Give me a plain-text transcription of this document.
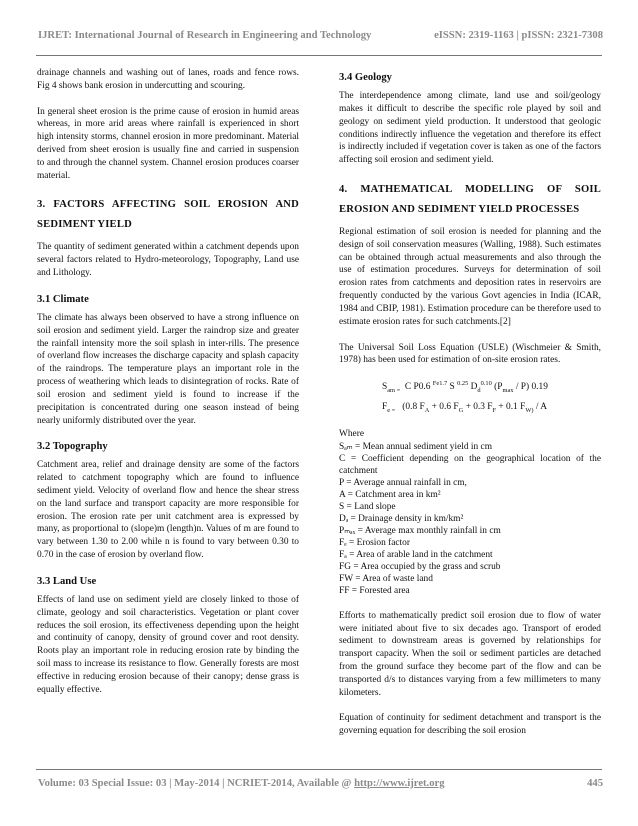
IJRET: International Journal of Research in Engineering and Technology	eISSN: 2319-1163 | pISSN: 2321-7308

drainage channels and washing out of lanes, roads and fence rows. Fig 4 shows bank erosion in undercutting and scouring.

In general sheet erosion is the prime cause of erosion in humid areas whereas, in more arid areas where rainfall is experienced in short high intensity storms, channel erosion in more predominant. Material derived from sheet erosion is usually fine and carried in suspension to and through the channel system. Channel erosion produces coarser material.

3. FACTORS AFFECTING SOIL EROSION AND SEDIMENT YIELD

The quantity of sediment generated within a catchment depends upon several factors related to Hydro-meteorology, Topography, Land use and Lithology.

3.1 Climate

The climate has always been observed to have a strong influence on soil erosion and sediment yield. Larger the raindrop size and greater the rainfall intensity more the soil splash in inter-rills. The presence of overland flow increases the discharge capacity and splash capacity of the raindrops. The temperature plays an important role in the process of weathering which leads to disintegration of rocks. Rate of soil erosion and sediment yield is found to increase if the precipitation is concentrated during one season instead of being nearly uniformly distributed over the year.

3.2 Topography

Catchment area, relief and drainage density are some of the factors related to catchment topography which are found to influence sediment yield. Velocity of overland flow and hence the shear stress on the land surface and transport capacity are more responsible for erosion. The erosion rate per unit catchment area is expressed by many, as proportional to (slope)m (length)n. Values of m are found to vary between 1.30 to 2.00 while n is found to vary between 0.30 to 0.70 in the case of erosion by overland flow.

3.3 Land Use

Effects of land use on sediment yield are closely linked to those of climate, geology and soil characteristics. Vegetation or plant cover reduces the soil erosion, its effectiveness depending upon the height and continuity of canopy, density of ground cover and root density. Roots play an important role in reducing erosion rate by binding the soil mass to increase its resistance to flow. Generally forests are most effective in reducing erosion because of their canopy; dense grass is equally effective.

3.4 Geology

The interdependence among climate, land use and soil/geology makes it difficult to describe the specific role played by soil and geology on sediment yield production. It understood that geologic conditions indirectly influence the vegetation and therefore its effect is indirectly included if vegetation cover is taken as one of the factors affecting soil erosion and sediment yield.

4. MATHEMATICAL MODELLING OF SOIL EROSION AND SEDIMENT YIELD PROCESSES

Regional estimation of soil erosion is needed for planning and the design of soil conservation measures (Walling, 1988). Such estimates can be obtained through actual measurements and also through the use of estimation procedures. Surveys for determination of soil erosion rates from catchments and deposition rates in reservoirs are frequently conducted by the various Govt agencies in India (ICAR, 1984 and CBIP, 1981). Estimation procedure can be therefore used to estimate erosion rates for such catchments.[2]

The Universal Soil Loss Equation (USLE) (Wischmeier & Smith, 1978) has been used for estimation of on-site erosion rates.

$S_{am =}$  C P0.6 $^{Fe1.7}$ S $^{0.25}$ $D_d^{0.10}$ $(P_{max} / P)$ 0.19
$F_{e =}$   (0.8 $F_A + 0.6$ $F_G + 0.3$ $F_F + 0.1$ $F_{W)}$ / A
Where
Sₐₘ = Mean annual sediment yield in cm
C = Coefficient depending on the geographical location of the catchment
P = Average annual rainfall in cm,
A = Catchment area in km²
S = Land slope
Dₔ = Drainage density in km/km²
Pₘₐₓ = Average max monthly rainfall in cm
Fₑ = Erosion factor
Fₐ = Area of arable land in the catchment
FG = Area occupied by the grass and scrub
FW = Area of waste land
FF = Forested area

Efforts to mathematically predict soil erosion due to flow of water were initiated about five to six decades ago. Transport of eroded sediment to downstream areas is governed by relationships for transport capacity. When the soil or sediment particles are detached from the ground surface they become part of the flow and can be transported d/s to distances varying from a few millimeters to many kilometers.

Equation of continuity for sediment detachment and transport is the governing equation for describing the soil erosion

Volume: 03 Special Issue: 03 | May-2014 | NCRIET-2014, Available @ http://www.ijret.org	445
